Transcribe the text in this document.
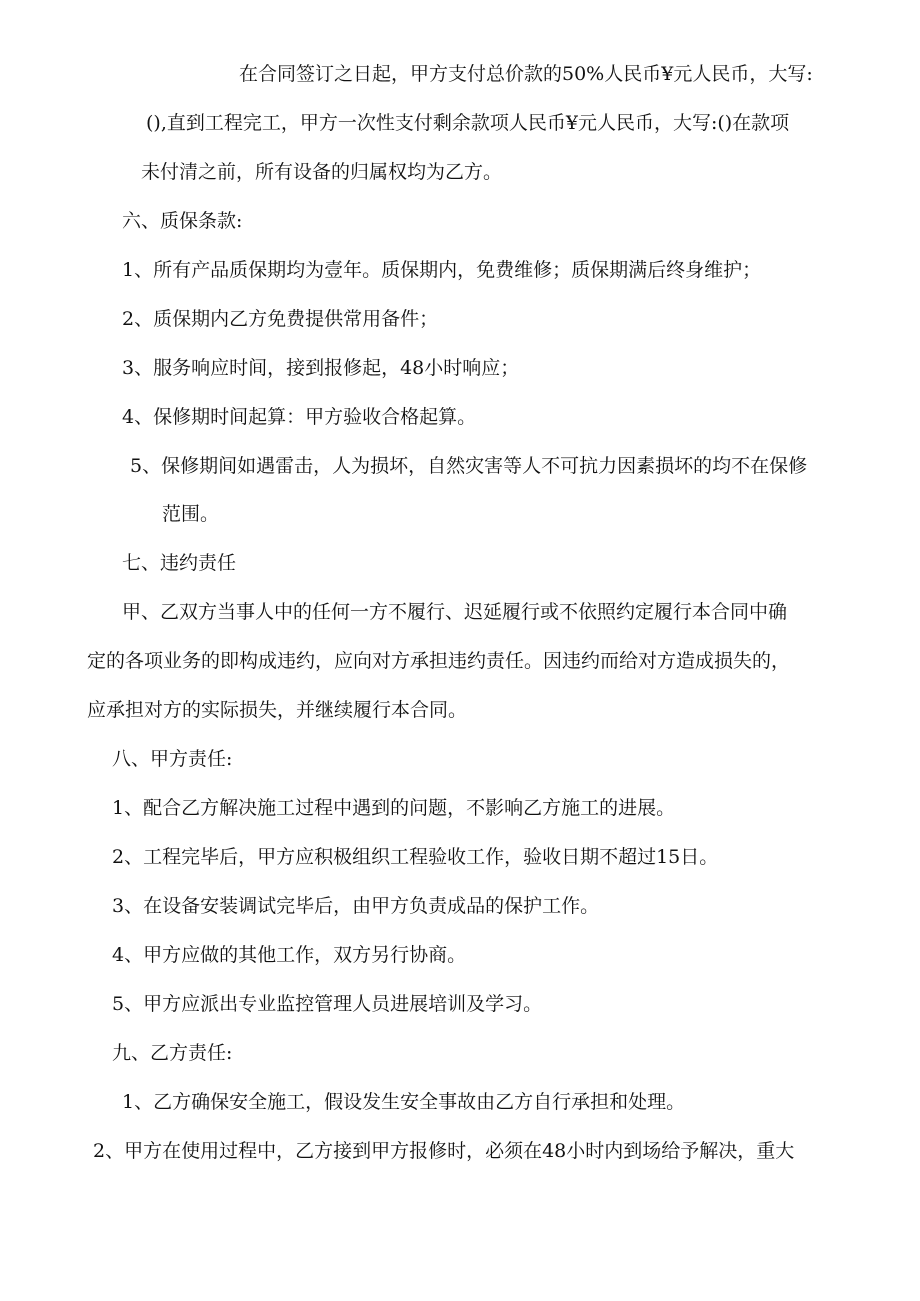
在合同签订之日起，甲方支付总价款的50%人民币¥元人民币，大写:

(),直到工程完工，甲方一次性支付剩余款项人民币¥元人民币，大写:()在款项

未付清之前，所有设备的归属权均为乙方。

六、质保条款:

1、所有产品质保期均为壹年。质保期内，免费维修；质保期满后终身维护；

2、质保期内乙方免费提供常用备件；

3、服务响应时间，接到报修起，48小时响应；

4、保修期时间起算：甲方验收合格起算。

5、保修期间如遇雷击，人为损坏，自然灾害等人不可抗力因素损坏的均不在保修

范围。

七、违约责任

甲、乙双方当事人中的任何一方不履行、迟延履行或不依照约定履行本合同中确

定的各项业务的即构成违约，应向对方承担违约责任。因违约而给对方造成损失的，

应承担对方的实际损失，并继续履行本合同。

八、甲方责任:

1、配合乙方解决施工过程中遇到的问题，不影响乙方施工的进展。

2、工程完毕后，甲方应积极组织工程验收工作，验收日期不超过15日。

3、在设备安装调试完毕后，由甲方负责成品的保护工作。

4、甲方应做的其他工作，双方另行协商。

5、甲方应派出专业监控管理人员进展培训及学习。

九、乙方责任:

1、乙方确保安全施工，假设发生安全事故由乙方自行承担和处理。

2、甲方在使用过程中，乙方接到甲方报修时，必须在48小时内到场给予解决，重大
